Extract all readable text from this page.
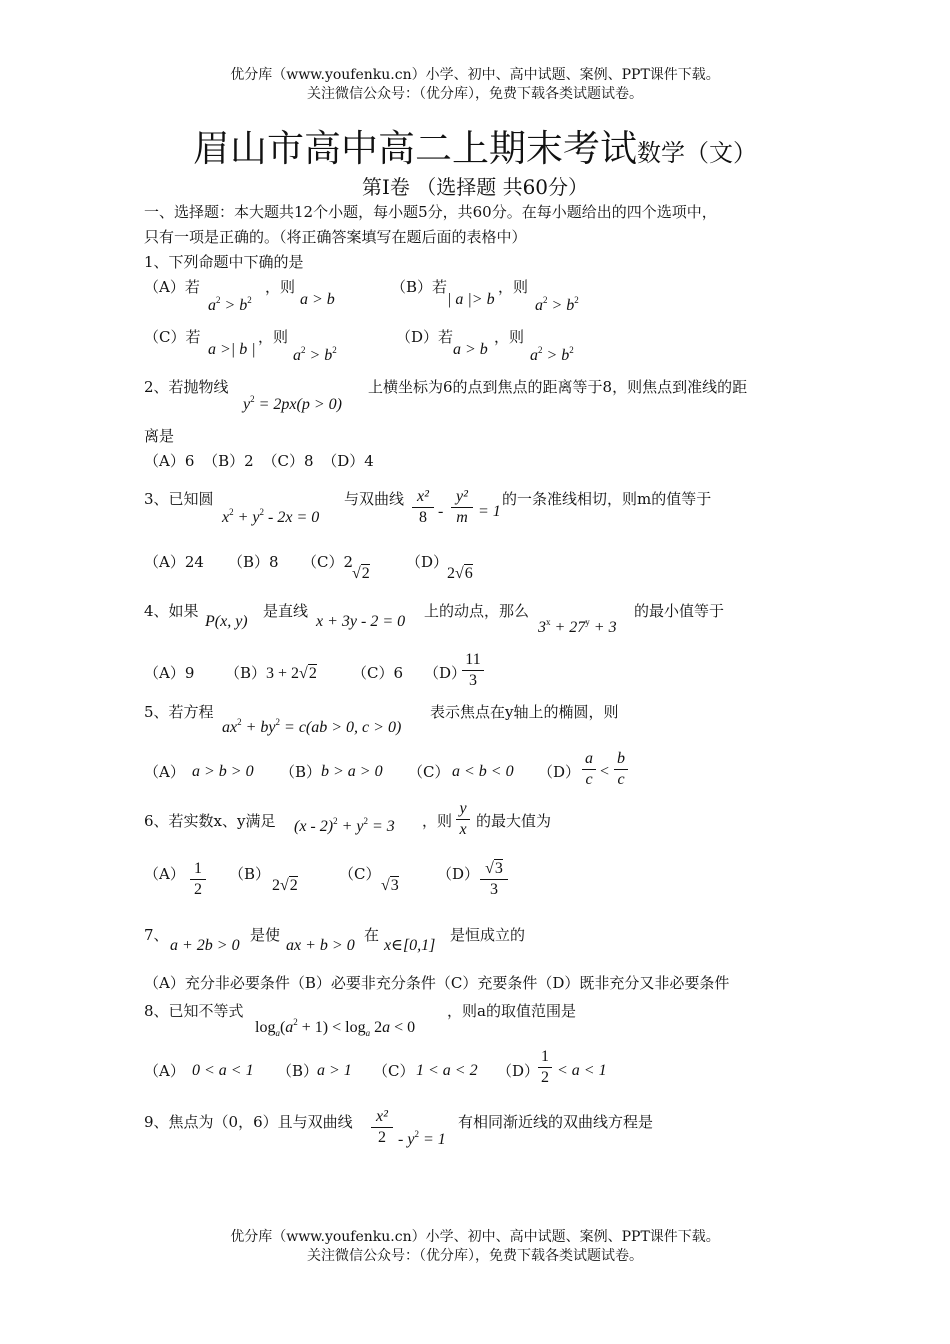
优分库（www.youfenku.cn）小学、初中、高中试题、案例、PPT课件下载。
关注微信公众号：（优分库），免费下载各类试题试卷。
眉山市高中高二上期末考试数学（文）
第Ⅰ卷 （选择题 共60分）
一、选择题：本大题共12个小题，每小题5分，共60分。在每小题给出的四个选项中，
只有一项是正确的。（将正确答案填写在题后面的表格中）
1、下列命题中下确的是
（A）若
$a^2 > b^2$
，则
a > b
（B）若
| a |> b
，则
$a^2 > b^2$
（C）若
a >| b |
，则
$a^2 > b^2$
（D）若
a > b
，则
$a^2 > b^2$
2、若抛物线
$y^2 = 2px(p > 0)$
上横坐标为6的点到焦点的距离等于8，则焦点到准线的距
离是
（A）6 （B）2 （C）8 （D）4
3、已知圆
$x^2 + y^2 - 2x = 0$
与双曲线 x²
8 -
y²
m = 1
的一条准线相切，则m的值等于
（A）24 （B）8 （C）2
√2
（D）
2√6
4、如果
P(x, y)
是直线
x + 3y - 2 = 0
上的动点，那么
$3^x + 27^y + 3$
的最小值等于
（A）9 （B） 3 + 2√2 （C）6 （D）
11
3
5、若方程
$ax^2 + by^2 = c(ab > 0$, c > 0)
表示焦点在y轴上的椭圆，则
（A） a > b > 0 （B） b > a > 0 （C） a < b < 0 （D）
a
c <
b
c
6、若实数x、y满足 $(x - 2)^2 + y^2 = 3$ ，则
y
x 的最大值为
（A） 1
2
（B）
2√2
（C）
√3
（D） √3
3
7、
a + 2b > 0
是使
ax + b > 0
在
x∈[0,1]
是恒成立的
（A）充分非必要条件（B）必要非充分条件（C）充要条件（D）既非充分又非必要条件
8、已知不等式
$\log_a(a^2 + 1) < \log_a 2a < 0$
，则a的取值范围是
（A） 0 < a < 1 （B）
a > 1 （C） 1 < a < 2 （D）
1
2 < a < 1
9、焦点为（0，6）且与双曲线	x²
$2 - y^2 = 1$
有相同渐近线的双曲线方程是
优分库（www.youfenku.cn）小学、初中、高中试题、案例、PPT课件下载。
关注微信公众号：（优分库），免费下载各类试题试卷。
